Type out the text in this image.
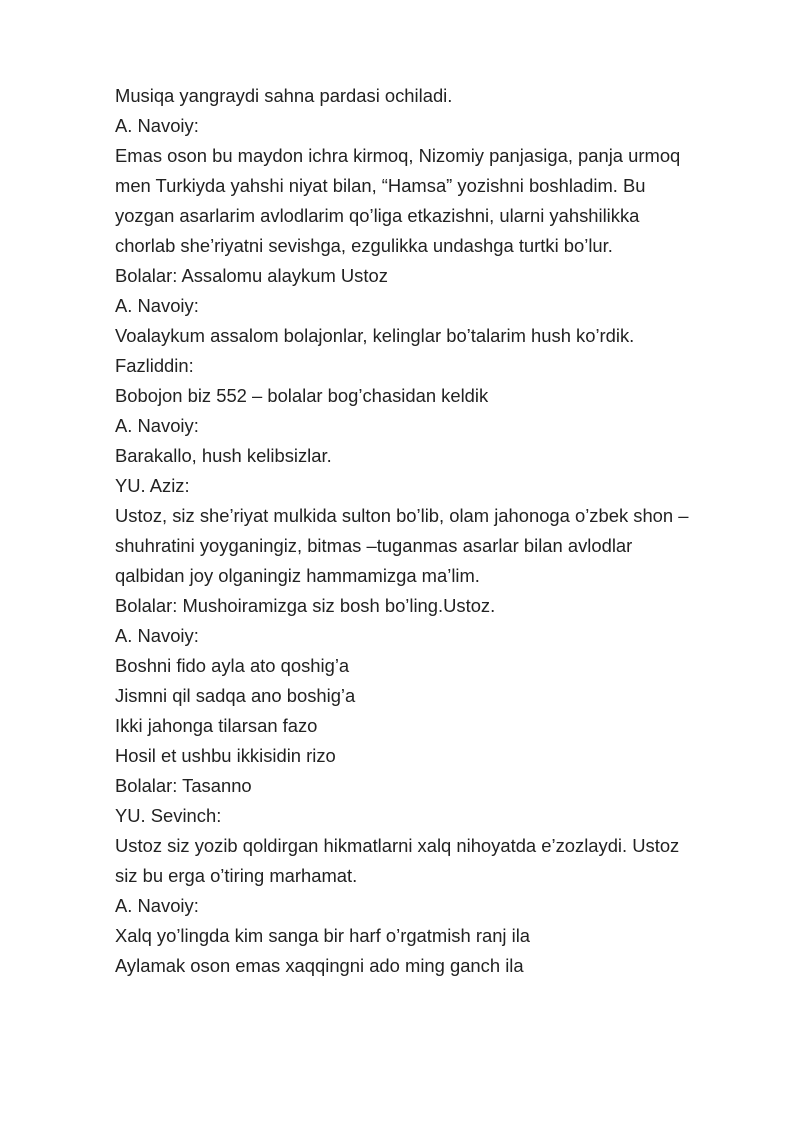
Musiqa yangraydi sahna pardasi ochiladi.
A. Navoiy:
Emas oson bu maydon ichra kirmoq, Nizomiy panjasiga, panja urmoq
men Turkiyda yahshi niyat bilan, “Hamsa” yozishni boshladim. Bu
yozgan asarlarim avlodlarim qo’liga etkazishni, ularni yahshilikka
chorlab she’riyatni sevishga, ezgulikka undashga turtki bo’lur.
Bolalar: Assalomu alaykum Ustoz
A. Navoiy:
Voalaykum assalom bolajonlar, kelinglar bo’talarim hush ko’rdik.
Fazliddin:
Bobojon biz 552 – bolalar bog’chasidan keldik
A. Navoiy:
Barakallo, hush kelibsizlar.
YU. Aziz:
Ustoz, siz she’riyat mulkida sulton bo’lib, olam jahonoga o’zbek shon –
shuhratini yoyganingiz, bitmas –tuganmas asarlar bilan avlodlar
qalbidan joy olganingiz hammamizga ma’lim.
Bolalar: Mushoiramizga siz bosh bo’ling.Ustoz.
A. Navoiy:
Boshni fido ayla ato qoshig’a
Jismni qil sadqa ano boshig’a
Ikki jahonga tilarsan fazo
Hosil et ushbu ikkisidin rizo
Bolalar: Tasanno
YU. Sevinch:
Ustoz siz yozib qoldirgan hikmatlarni xalq nihoyatda e’zozlaydi. Ustoz
siz bu erga o’tiring marhamat.
A. Navoiy:
Xalq yo’lingda kim sanga bir harf o’rgatmish ranj ila
Aylamak oson emas xaqqingni ado ming ganch ila
